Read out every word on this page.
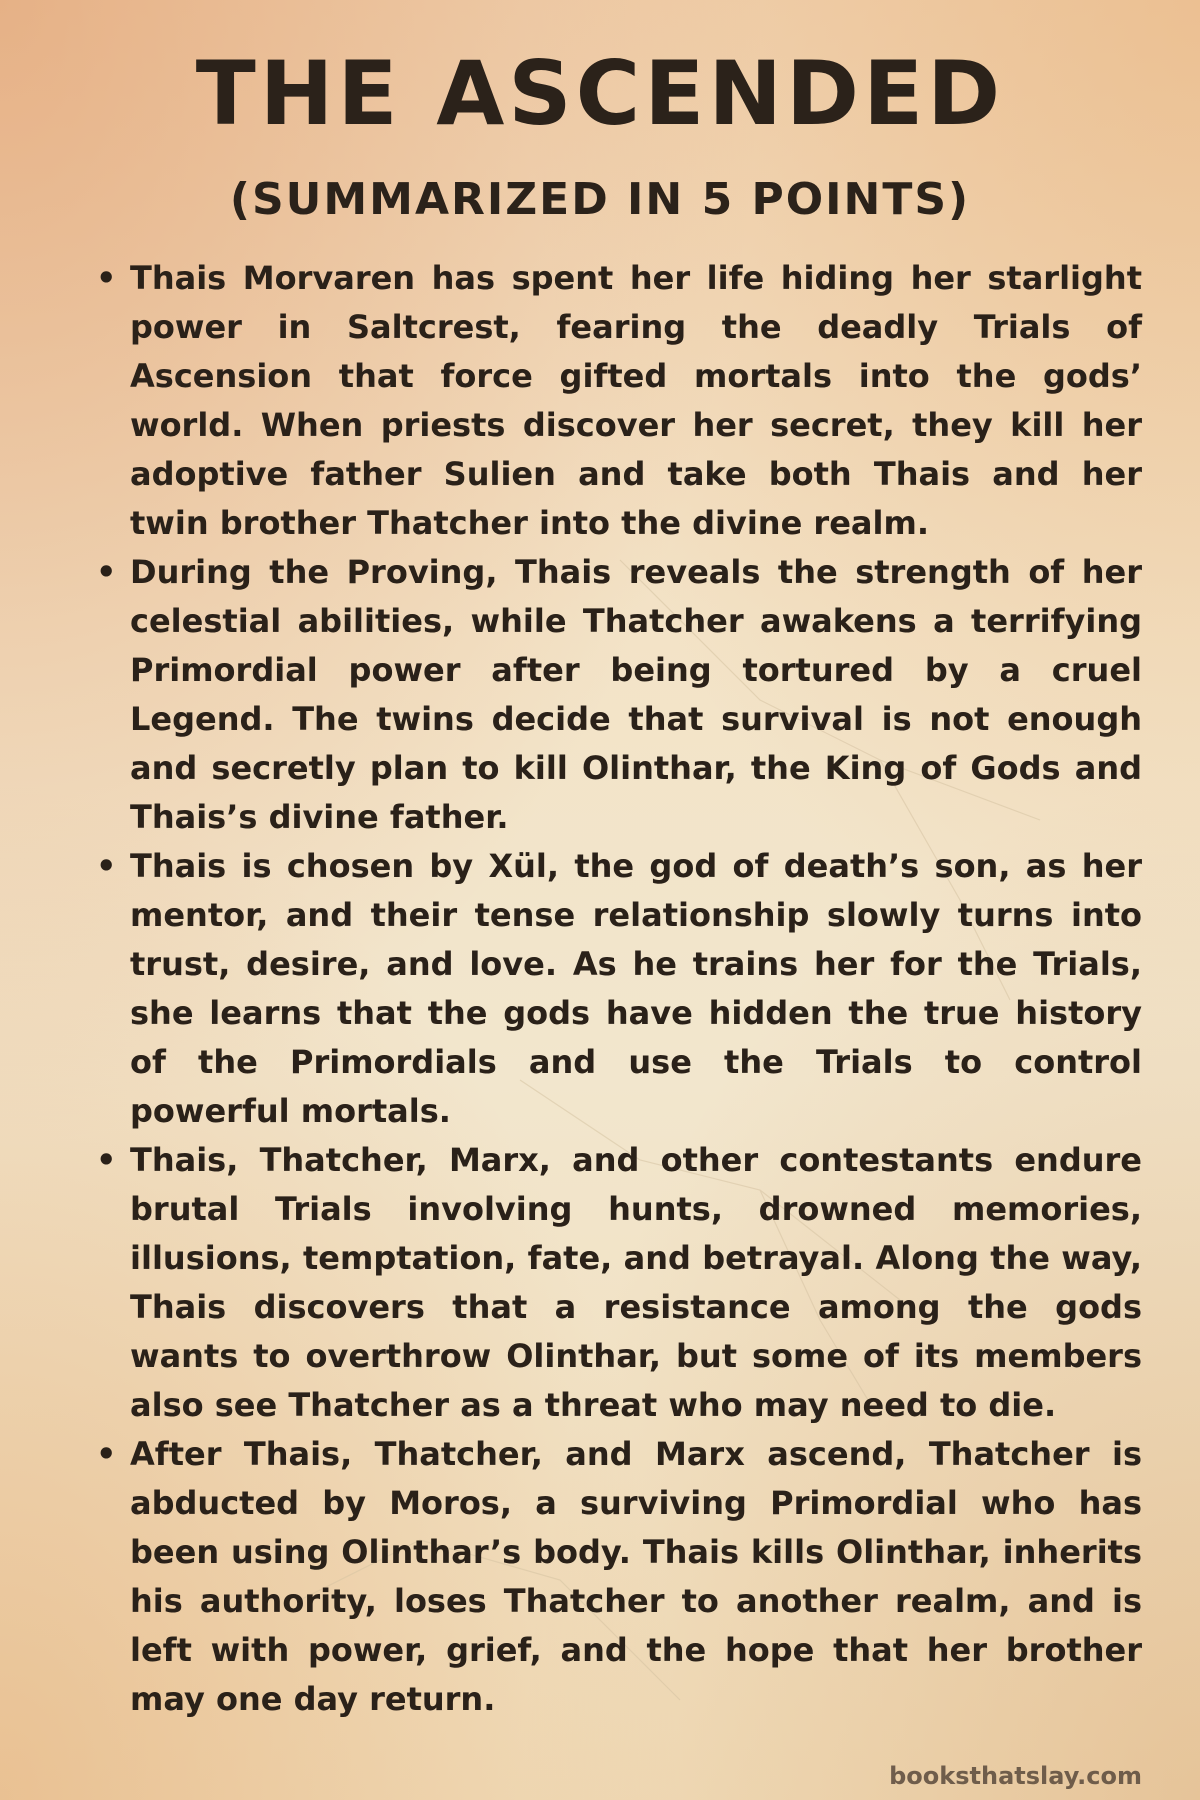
THE ASCENDED
(SUMMARIZED IN 5 POINTS)
• Thais Morvaren has spent her life hiding her starlight power in Saltcrest, fearing the deadly Trials of Ascension that force gifted mortals into the gods’ world. When priests discover her secret, they kill her adoptive father Sulien and take both Thais and her twin brother Thatcher into the divine realm.
• During the Proving, Thais reveals the strength of her celestial abilities, while Thatcher awakens a terrifying Primordial power after being tortured by a cruel Legend. The twins decide that survival is not enough and secretly plan to kill Olinthar, the King of Gods and Thais’s divine father.
• Thais is chosen by Xül, the god of death’s son, as her mentor, and their tense relationship slowly turns into trust, desire, and love. As he trains her for the Trials, she learns that the gods have hidden the true history of the Primordials and use the Trials to control powerful mortals.
• Thais, Thatcher, Marx, and other contestants endure brutal Trials involving hunts, drowned memories, illusions, temptation, fate, and betrayal. Along the way, Thais discovers that a resistance among the gods wants to overthrow Olinthar, but some of its members also see Thatcher as a threat who may need to die.
• After Thais, Thatcher, and Marx ascend, Thatcher is abducted by Moros, a surviving Primordial who has been using Olinthar’s body. Thais kills Olinthar, inherits his authority, loses Thatcher to another realm, and is left with power, grief, and the hope that her brother may one day return.
booksthatslay.com
